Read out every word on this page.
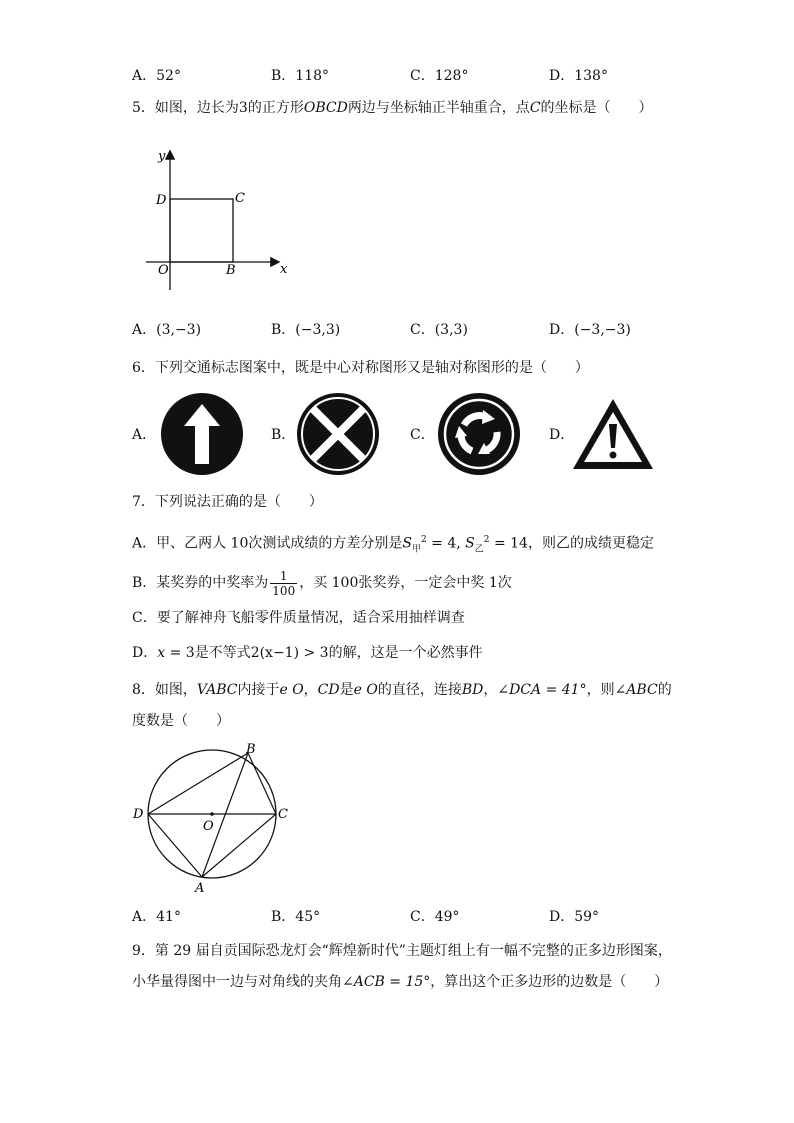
A．52°	B．118°	C．128°	D．138°
5．如图，边长为3的正方形OBCD两边与坐标轴正半轴重合，点C的坐标是（　　）
y
x
D	C
O	B
A．(3,−3)	B．(−3,3)	C．(3,3)	D．(−3,−3)
6．下列交通标志图案中，既是中心对称图形又是轴对称图形的是（　　）
A．	B．	C．	D．
7．下列说法正确的是（　　）
A．甲、乙两人 10次测试成绩的方差分别是$S_甲^2 = 4$, $S_乙^2 = 14$，则乙的成绩更稳定
B．某奖券的中奖率为 $\frac{1}{100}$ ，买 100张奖券，一定会中奖 1次
C．要了解神舟飞船零件质量情况，适合采用抽样调查
D．x = 3是不等式2(x−1) > 3的解，这是一个必然事件
8．如图，VABC内接于e O，CD是e O的直径，连接BD，∠DCA = 41°，则∠ABC的
度数是（　　）
B
D
O
C
A
A．41°	B．45°	C．49°	D．59°
9．第 29 届自贡国际恐龙灯会“辉煌新时代”主题灯组上有一幅不完整的正多边形图案，
小华量得图中一边与对角线的夹角∠ACB = 15°，算出这个正多边形的边数是（　　）
